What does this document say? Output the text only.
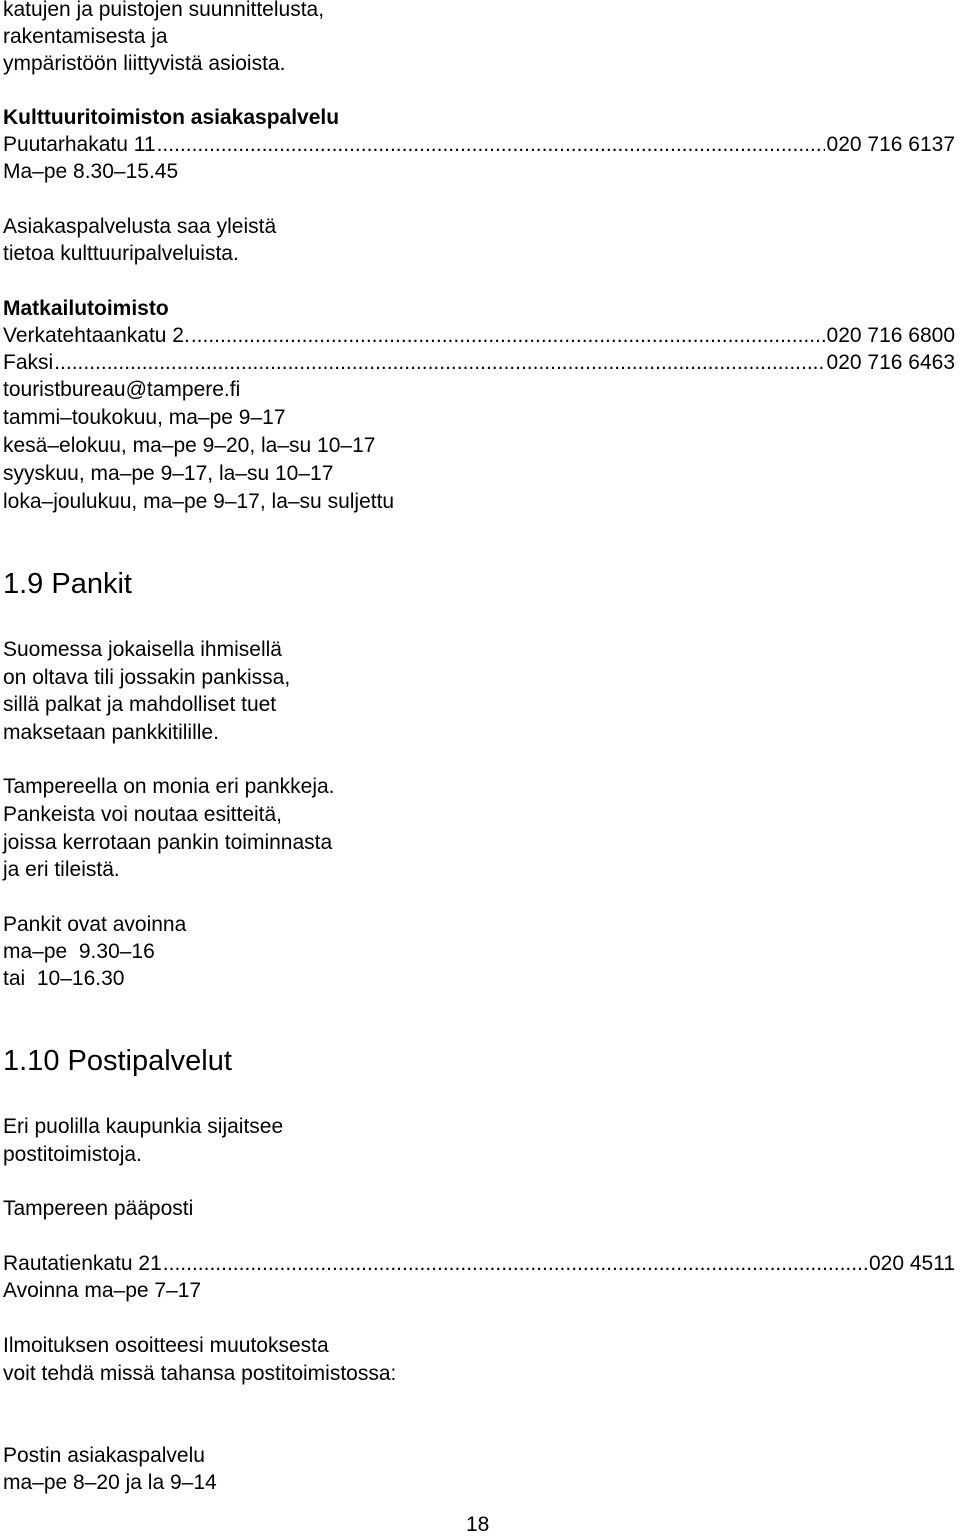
katujen ja puistojen suunnittelusta,
rakentamisesta ja
ympäristöön liittyvistä asioista.
Kulttuuritoimiston asiakaspalvelu
Puutarhakatu 11 .....	020 716 6137
Ma–pe 8.30–15.45
Asiakaspalvelusta saa yleistä
tietoa kulttuuripalveluista.
Matkailutoimisto
Verkatehtaankatu 2. .....	020 716 6800
Faksi .....	020 716 6463
touristbureau@tampere.fi
tammi–toukokuu, ma–pe 9–17
kesä–elokuu, ma–pe 9–20, la–su 10–17
syyskuu, ma–pe 9–17, la–su 10–17
loka–joulukuu, ma–pe 9–17, la–su suljettu
1.9 Pankit
Suomessa jokaisella ihmisellä
on oltava tili jossakin pankissa,
sillä palkat ja mahdolliset tuet
maksetaan pankkitilille.
Tampereella on monia eri pankkeja.
Pankeista voi noutaa esitteitä,
joissa kerrotaan pankin toiminnasta
ja eri tileistä.
Pankit ovat avoinna
ma–pe  9.30–16
tai  10–16.30
1.10 Postipalvelut
Eri puolilla kaupunkia sijaitsee
postitoimistoja.
Tampereen pääposti
Rautatienkatu 21 .....	020 4511
Avoinna ma–pe 7–17
Ilmoituksen osoitteesi muutoksesta
voit tehdä missä tahansa postitoimistossa:
Postin asiakaspalvelu
ma–pe 8–20 ja la 9–14
18
